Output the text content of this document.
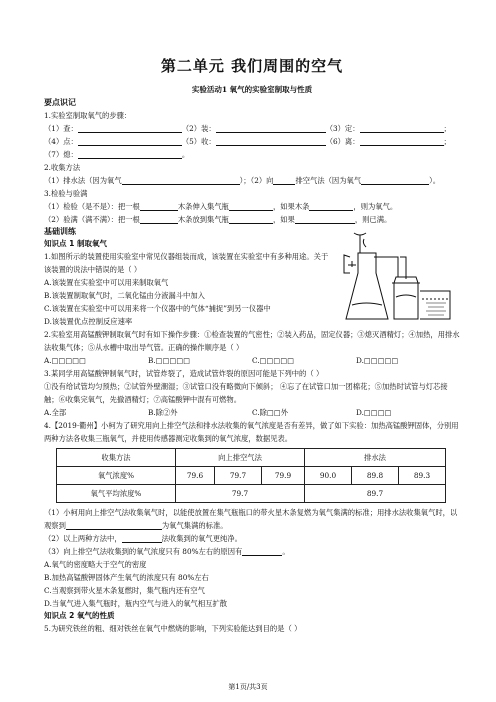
第二单元 我们周围的空气
实验活动1 氧气的实验室制取与性质
要点识记
1.实验室制取氧气的步骤：
（1）查：	（2）装：	（3）定：	；
（4）点：	（5）收：	（6）离：	；
（7）熄：	。
2.收集方法
（1）排水法（因为氧气	）；（2）向	排空气法（因为氧气	）。
3.检验与验满
（1）检验（是不是）：把一根	木条伸入集气瓶	，如果木条	，则为氧气。
（2）验满（满不满）：把一根	木条放到集气瓶	，如果	，则已满。
基础训练
知识点 1 制取氧气
1.如图所示的装置使用实验室中常见仪器组装而成，该装置在实验室中有多种用途。关于该装置的说法中错误的是（ ）
A.该装置在实验室中可以用来制取氧气
B.该装置制取氧气时，二氧化锰由分液漏斗中加入
C.该装置在实验室中可以用来将一个仪器中的气体“捕捉”到另一仪器中
D.该装置优点控制反应速率
2.实验室用高锰酸钾制取氧气时有如下操作步骤：①检查装置的气密性；②装入药品，固定仪器；③熄灭酒精灯；④加热，用排水法收集气体；⑤从水槽中取出导气管。正确的操作顺序是（ ）
A.□□□□□	B.□□□□□	C.□□□□□	D.□□□□□
3.某同学用高锰酸钾制氧气时，试管炸裂了，造成试管炸裂的原因可能是下列中的（ ）
①没有给试管均匀预热；②试管外壁潮湿；③试管口没有略微向下倾斜； ④忘了在试管口加一团棉花；⑤加热时试管与灯芯接触；⑥收集完氧气，先撤酒精灯；⑦高锰酸钾中混有可燃物。
A.全部	B.除②外	C.除□□外	D.□□□□
4.【2019·衢州】小柯为了研究用向上排空气法和排水法收集的氧气浓度是否有差异，做了如下实验：加热高锰酸钾固体，分别用两种方法各收集三瓶氧气，并使用传感器测定收集到的氧气浓度，数据见表。
收集方法	向上排空气法			排水法		
氧气浓度%	79.6	79.7	79.9	90.0	89.8	89.3
氧气平均浓度%	79.7			89.7		
（1）小柯用向上排空气法收集氧气时，以能使放置在集气瓶瓶口的带火星木条复燃为氧气集满的标准；用排水法收集氧气时，以观察到	为氧气集满的标准。
（2）以上两种方法中，	法收集到的氧气更纯净。
（3）向上排空气法收集到的氧气浓度只有 80%左右的原因有	。
A.氧气的密度略大于空气的密度
B.加热高锰酸钾固体产生氧气的浓度只有 80%左右
C.当观察到带火星木条复燃时，集气瓶内还有空气
D.当氧气进入集气瓶时，瓶内空气与进入的氧气相互扩散
知识点 2 氧气的性质
5.为研究铁丝的粗、细对铁丝在氧气中燃烧的影响，下列实验能达到目的是（ ）
第1页/共3页
